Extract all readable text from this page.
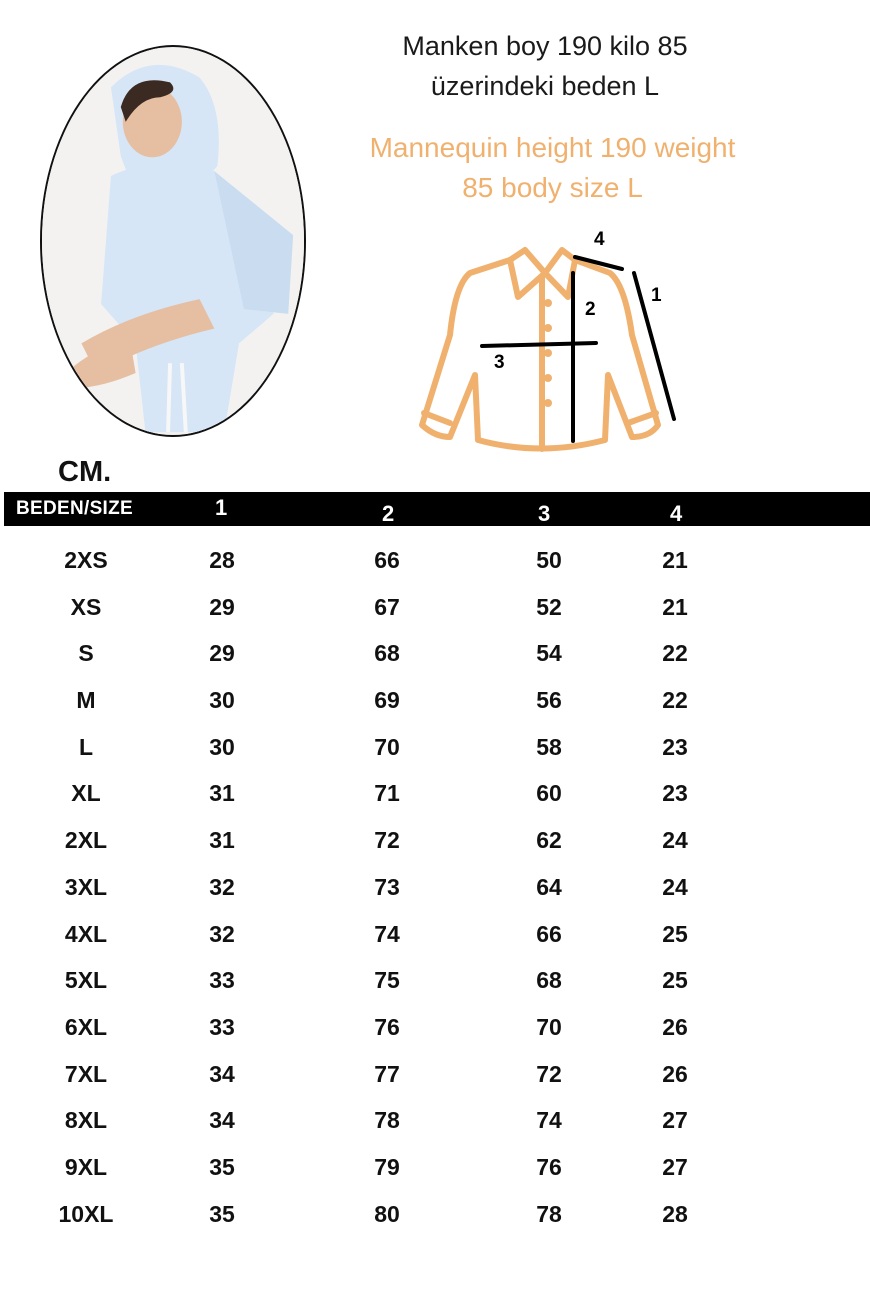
Manken boy 190 kilo 85
üzerindeki beden L
Mannequin height 190 weight
85 body size L
1
2
3
4
CM.
BEDEN/SIZE	1	2	3	4
2XS	28	66	50	21
XS	29	67	52	21
S	29	68	54	22
M	30	69	56	22
L	30	70	58	23
XL	31	71	60	23
2XL	31	72	62	24
3XL	32	73	64	24
4XL	32	74	66	25
5XL	33	75	68	25
6XL	33	76	70	26
7XL	34	77	72	26
8XL	34	78	74	27
9XL	35	79	76	27
10XL	35	80	78	28
